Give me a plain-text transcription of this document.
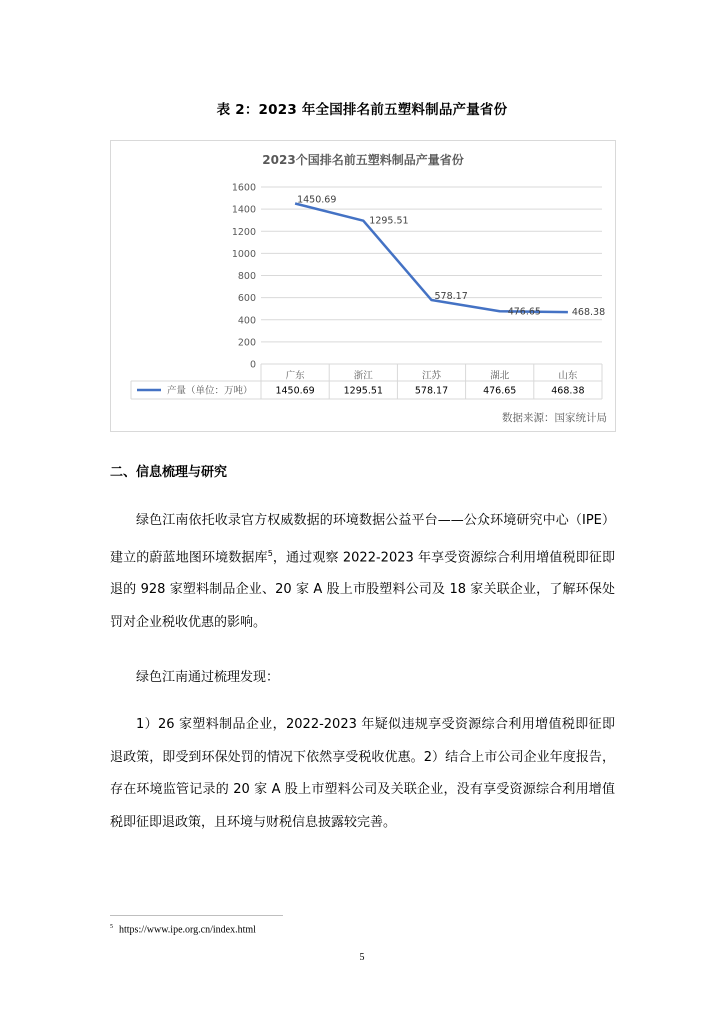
表 2：2023 年全国排名前五塑料制品产量省份
2023个国排名前五塑料制品产量省份
0
200
400
600
800
1000
1200
1400
1600
广东	浙江	江苏	湖北	山东
产量（单位：万吨） 1450.69	1295.51	578.17	476.65	468.38
1450.69
1295.51
578.17
476.65	468.38
数据来源：国家统计局
二、信息梳理与研究
绿色江南依托收录官方权威数据的环境数据公益平台——公众环境研究中心（IPE）建立的蔚蓝地图环境数据库$^5$，通过观察 2022-2023 年享受资源综合利用增值税即征即退的 928 家塑料制品企业、20 家 A 股上市股塑料公司及 18 家关联企业，了解环保处罚对企业税收优惠的影响。
绿色江南通过梳理发现：
1）26 家塑料制品企业，2022-2023 年疑似违规享受资源综合利用增值税即征即退政策，即受到环保处罚的情况下依然享受税收优惠。2）结合上市公司企业年度报告，存在环境监管记录的 20 家 A 股上市塑料公司及关联企业，没有享受资源综合利用增值税即征即退政策，且环境与财税信息披露较完善。
$^5$ https://www.ipe.org.cn/index.html
5
